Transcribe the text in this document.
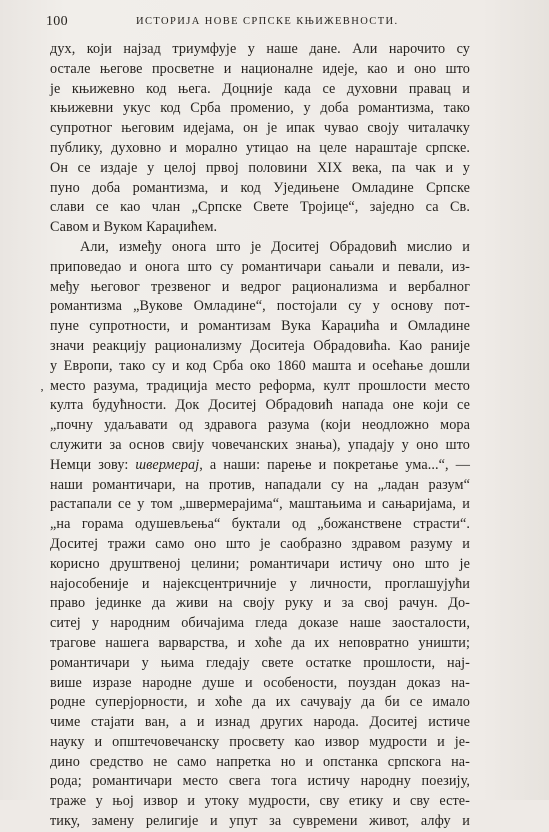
100	ИСТОРИЈА НОВЕ СРПСКЕ КЊИЖЕВНОСТИ.
дух, који најзад триумфује у наше дане. Али нарочито су
остале његове просветне и националне идеје, као и оно што
је књижевно код њега. Доцније када се духовни правац и
књижевни укус код Срба променио, у доба романтизма, тако
супротног његовим идејама, он је ипак чувао своју читалачку
публику, духовно и морално утицао на целе нараштаје српске.
Он се издаје у целој првој половини XIX века, па чак и у
пуно доба романтизма, и код Уједињене Омладине Српске
слави се као члан „Српске Свете Тројице“, заједно са Св.
Савом и Вуком Караџићем.
Али, између онога што је Доситеј Обрадовић мислио и
приповедао и онога што су романтичари сањали и певали, из-
међу његовог трезвеног и ведрог рационализма и вербалног
романтизма „Вукове Омладине“, постојали су у основу пот-
пуне супротности, и романтизам Вука Караџића и Омладине
значи реакцију рационализму Доситеја Обрадовића. Као раније
у Европи, тако су и код Срба око 1860 машта и осећање дошли
место разума, традиција место реформа, култ прошлости место
‚
култа будућности. Док Доситеј Обрадовић напада оне који се
„почну удаљавати од здравога разума (који неодложно мора
служити за основ свију човечанских знања), упадају у оно што
Немци зову: швермерај, а наши: парење и покретање ума...“, —
наши романтичари, на против, нападали су на „ладан разум“
растапали се у том „швермерајима“, маштањима и сањаријама, и
„на горама одушевљења“ буктали од „божанствене страсти“.
Доситеј тражи само оно што је саобразно здравом разуму и
корисно друштвеној целини; романтичари истичу оно што је
најособеније и најексцентричније у личности, проглашујући
право јединке да живи на своју руку и за свој рачун. До-
ситеј у народним обичајима гледа доказе наше заосталости,
трагове нашега варварства, и хоће да их неповратно уништи;
романтичари у њима гледају свете остатке прошлости, нај-
више изразе народне душе и особености, поуздан доказ на-
родне суперјорности, и хоће да их сачувају да би се имало
чиме стајати ван, а и изнад других народа. Доситеј истиче
науку и општечовечанску просвету као извор мудрости и је-
дино средство не само напретка но и опстанка српскога на-
рода; романтичари место свега тога истичу народну поезију,
траже у њој извор и утоку мудрости, сву етику и сву есте-
тику, замену религије и упут за сувремени живот, алфу и
